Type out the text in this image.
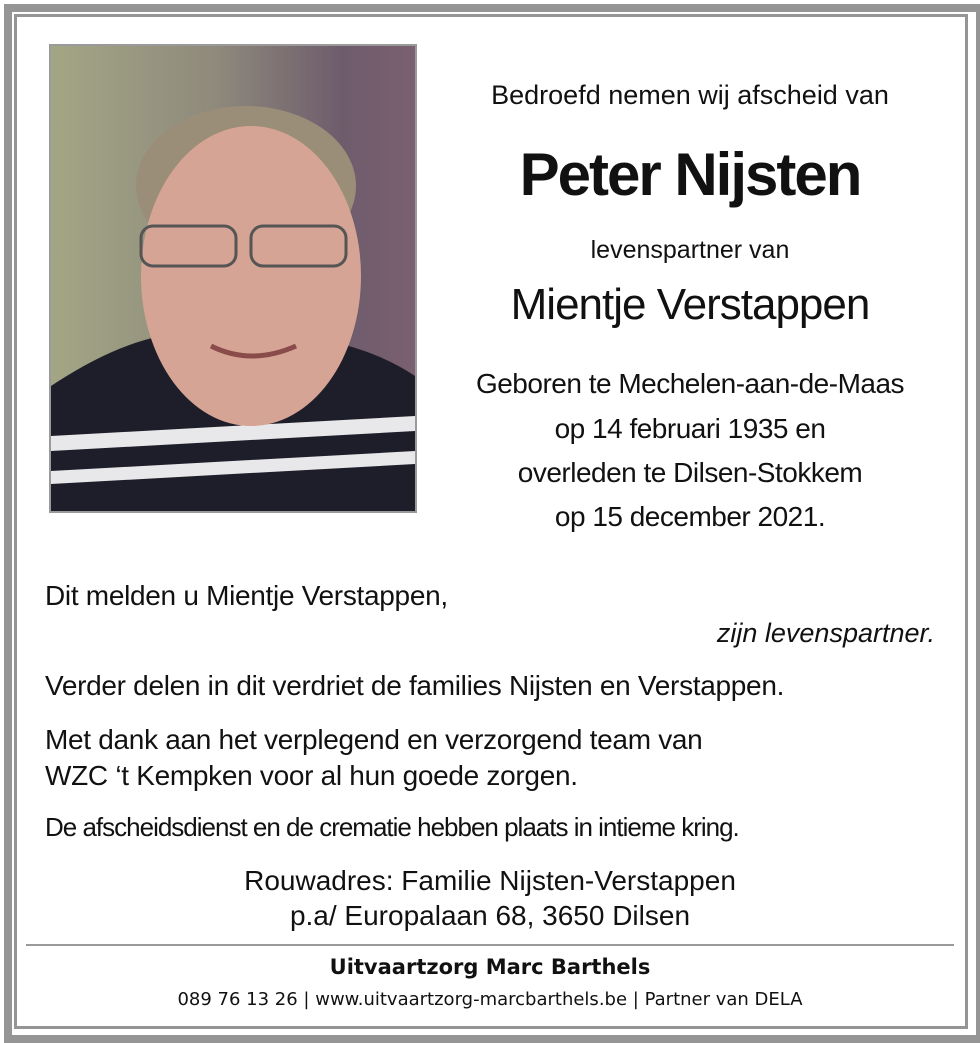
Bedroefd nemen wij afscheid van
Peter Nijsten
levenspartner van
Mientje Verstappen
Geboren te Mechelen-aan-de-Maas
op 14 februari 1935 en
overleden te Dilsen-Stokkem
op 15 december 2021.
Dit melden u Mientje Verstappen,
zijn levenspartner.
Verder delen in dit verdriet de families Nijsten en Verstappen.
Met dank aan het verplegend en verzorgend team van
WZC ‘t Kempken voor al hun goede zorgen.
De afscheidsdienst en de crematie hebben plaats in intieme kring.
Rouwadres: Familie Nijsten-Verstappen
p.a/ Europalaan 68, 3650 Dilsen
Uitvaartzorg Marc Barthels
089 76 13 26 | www.uitvaartzorg-marcbarthels.be | Partner van DELA
